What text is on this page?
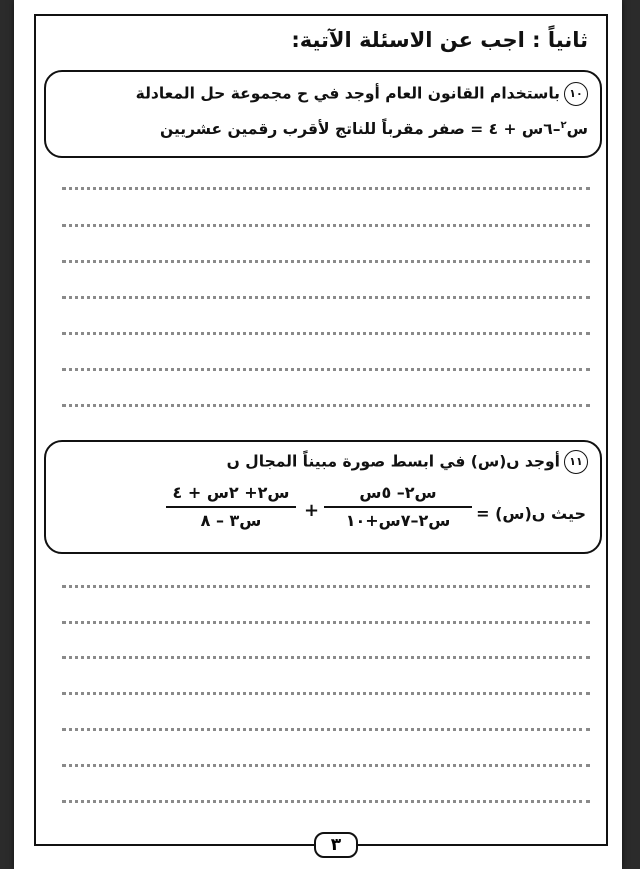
ثانياً : اجب عن الاسئلة الآتية:
١٠باستخدام القانون العام أوجد في ح مجموعة حل المعادلة
س$^٢$–٦س + ٤ = صفر مقرباً للناتج لأقرب رقمين عشريين
١١أوجد ں(س) في ابسط صورة مبيناً المجال ں
حيث ں(س) =
س٢– ٥س
س٢–٧س+١٠
+
س٢+ ٢س + ٤
س٣ – ٨
٣
